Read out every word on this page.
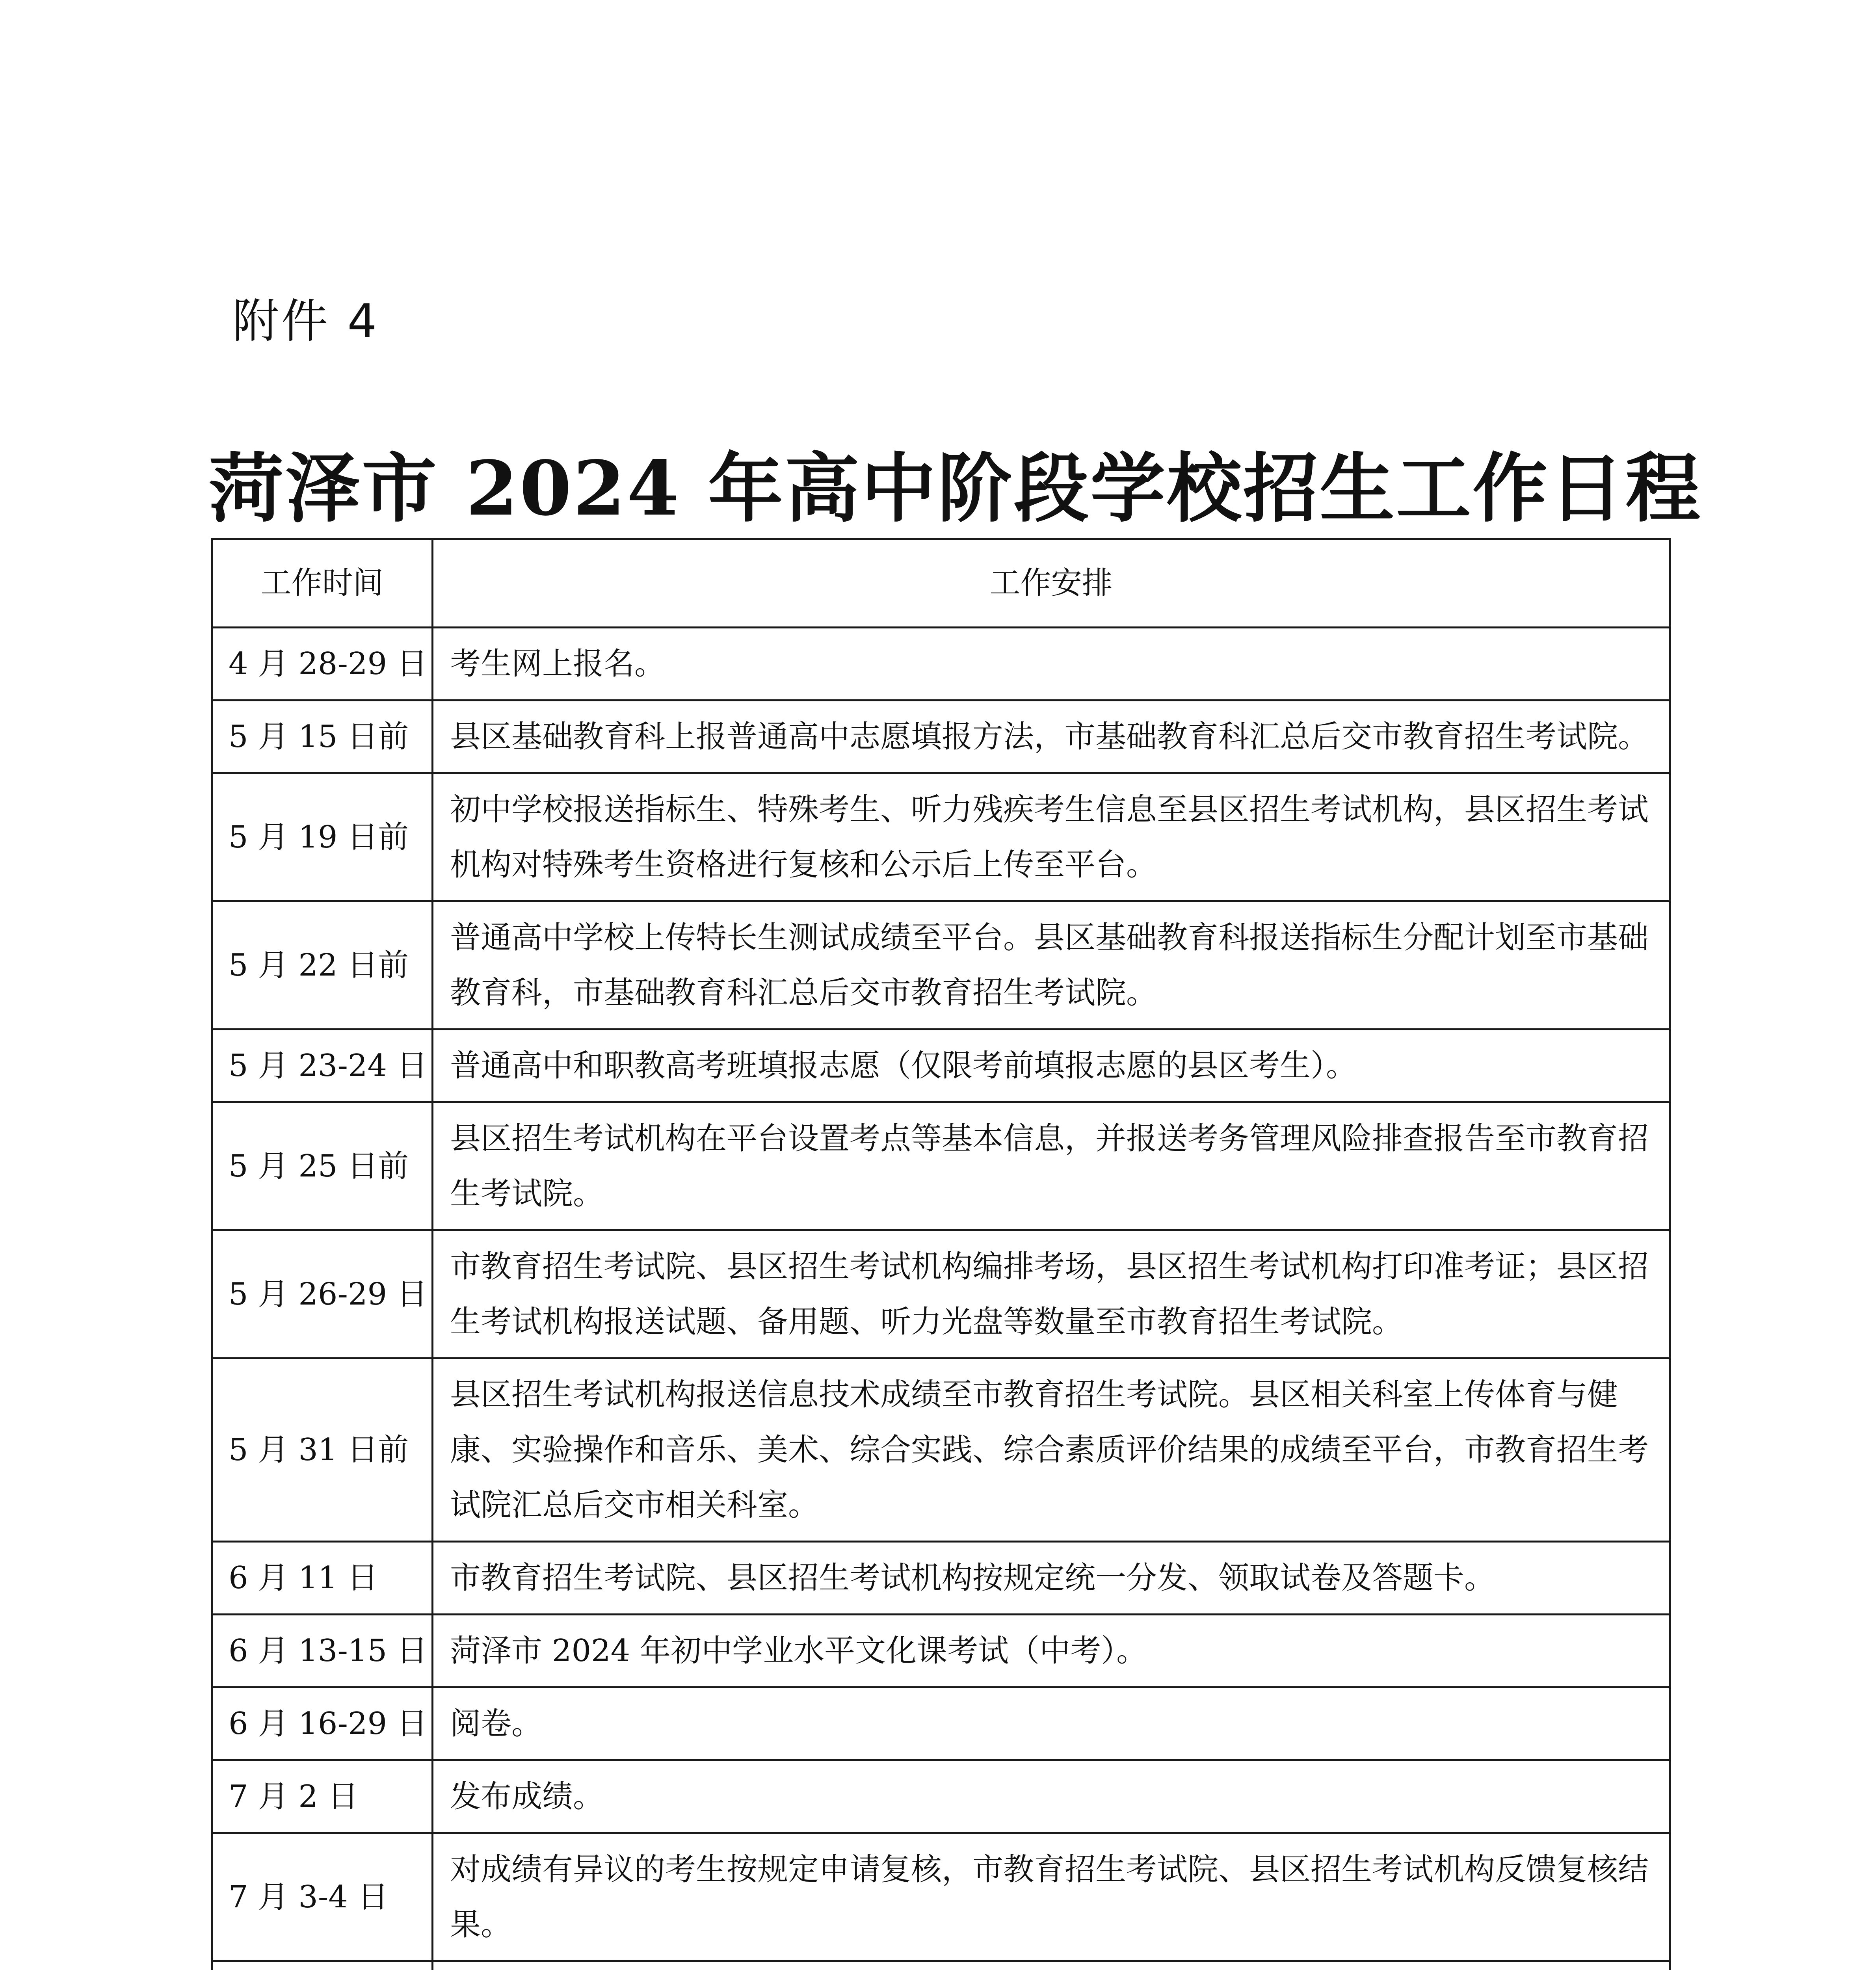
附件 4
菏泽市 2024 年高中阶段学校招生工作日程
工作时间	工作安排
4 月 28-29 日	考生网上报名。
5 月 15 日前	县区基础教育科上报普通高中志愿填报方法，市基础教育科汇总后交市教育招生考试院。
5 月 19 日前	初中学校报送指标生、特殊考生、听力残疾考生信息至县区招生考试机构，县区招生考试机构对特殊考生资格进行复核和公示后上传至平台。
5 月 22 日前	普通高中学校上传特长生测试成绩至平台。县区基础教育科报送指标生分配计划至市基础教育科，市基础教育科汇总后交市教育招生考试院。
5 月 23-24 日	普通高中和职教高考班填报志愿（仅限考前填报志愿的县区考生）。
5 月 25 日前	县区招生考试机构在平台设置考点等基本信息，并报送考务管理风险排查报告至市教育招生考试院。
5 月 26-29 日	市教育招生考试院、县区招生考试机构编排考场，县区招生考试机构打印准考证；县区招生考试机构报送试题、备用题、听力光盘等数量至市教育招生考试院。
5 月 31 日前	县区招生考试机构报送信息技术成绩至市教育招生考试院。县区相关科室上传体育与健康、实验操作和音乐、美术、综合实践、综合素质评价结果的成绩至平台，市教育招生考试院汇总后交市相关科室。
6 月 11 日	市教育招生考试院、县区招生考试机构按规定统一分发、领取试卷及答题卡。
6 月 13-15 日	菏泽市 2024 年初中学业水平文化课考试（中考）。
6 月 16-29 日	阅卷。
7 月 2 日	发布成绩。
7 月 3-4 日	对成绩有异议的考生按规定申请复核，市教育招生考试院、县区招生考试机构反馈复核结果。
